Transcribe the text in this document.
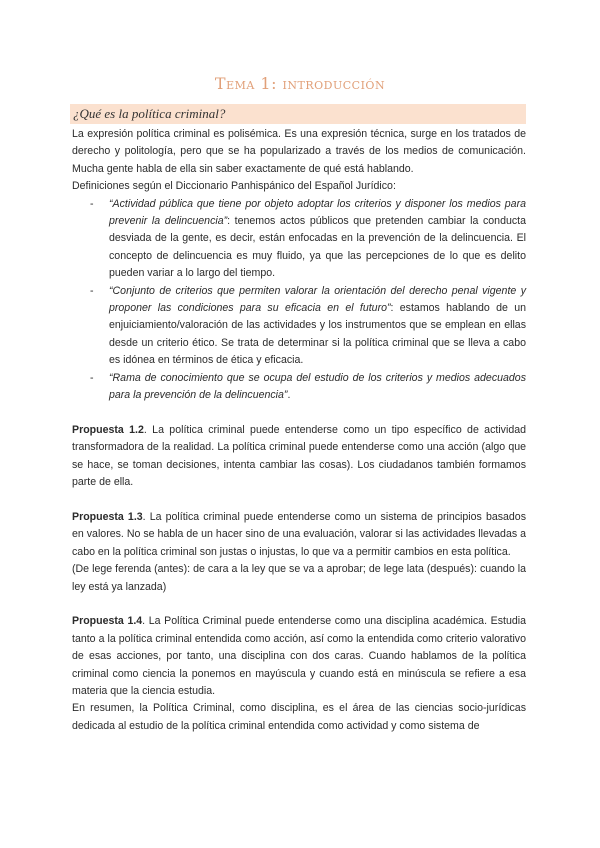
Tema 1: introducción
¿Qué es la política criminal?

La expresión política criminal es polisémica. Es una expresión técnica, surge en los tratados de derecho y politología, pero que se ha popularizado a través de los medios de comunicación. Mucha gente habla de ella sin saber exactamente de qué está hablando.

Definiciones según el Diccionario Panhispánico del Español Jurídico:

- “Actividad pública que tiene por objeto adoptar los criterios y disponer los medios para prevenir la delincuencia”: tenemos actos públicos que pretenden cambiar la conducta desviada de la gente, es decir, están enfocadas en la prevención de la delincuencia. El concepto de delincuencia es muy fluido, ya que las percepciones de lo que es delito pueden variar a lo largo del tiempo.
- “Conjunto de criterios que permiten valorar la orientación del derecho penal vigente y proponer las condiciones para su eficacia en el futuro”: estamos hablando de un enjuiciamiento/valoración de las actividades y los instrumentos que se emplean en ellas desde un criterio ético. Se trata de determinar si la política criminal que se lleva a cabo es idónea en términos de ética y eficacia.
- “Rama de conocimiento que se ocupa del estudio de los criterios y medios adecuados para la prevención de la delincuencia”.

Propuesta 1.2. La política criminal puede entenderse como un tipo específico de actividad transformadora de la realidad. La política criminal puede entenderse como una acción (algo que se hace, se toman decisiones, intenta cambiar las cosas). Los ciudadanos también formamos parte de ella.

Propuesta 1.3. La política criminal puede entenderse como un sistema de principios basados en valores. No se habla de un hacer sino de una evaluación, valorar si las actividades llevadas a cabo en la política criminal son justas o injustas, lo que va a permitir cambios en esta política.

(De lege ferenda (antes): de cara a la ley que se va a aprobar; de lege lata (después): cuando la ley está ya lanzada)

Propuesta 1.4. La Política Criminal puede entenderse como una disciplina académica. Estudia tanto a la política criminal entendida como acción, así como la entendida como criterio valorativo de esas acciones, por tanto, una disciplina con dos caras. Cuando hablamos de la política criminal como ciencia la ponemos en mayúscula y cuando está en minúscula se refiere a esa materia que la ciencia estudia.

En resumen, la Política Criminal, como disciplina, es el área de las ciencias socio-jurídicas dedicada al estudio de la política criminal entendida como actividad y como sistema de
